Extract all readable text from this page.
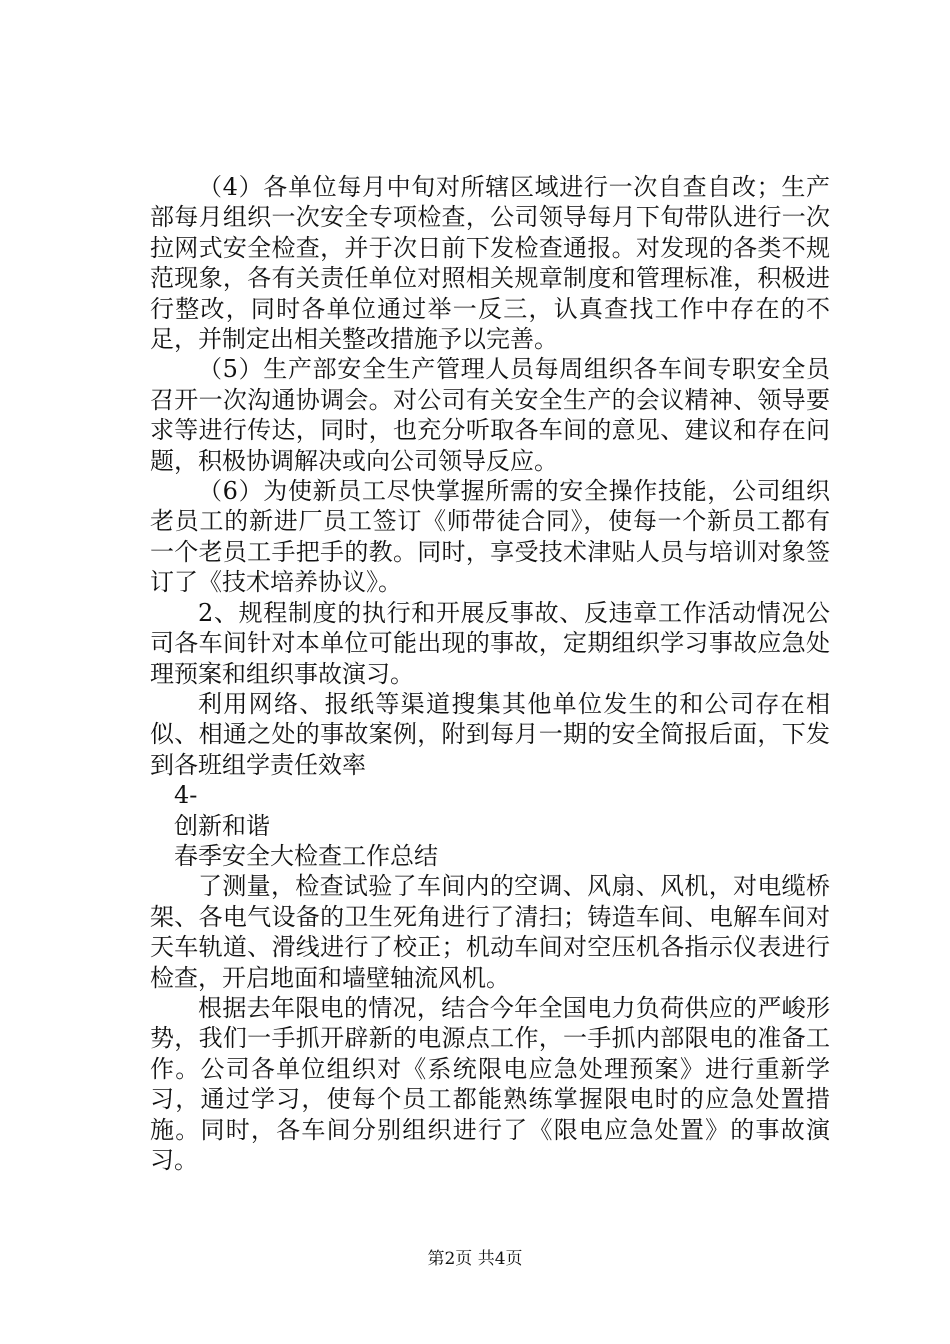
（4）各单位每月中旬对所辖区域进行一次自查自改；生产部每月组织一次安全专项检查，公司领导每月下旬带队进行一次拉网式安全检查，并于次日前下发检查通报。对发现的各类不规范现象，各有关责任单位对照相关规章制度和管理标准，积极进行整改，同时各单位通过举一反三，认真查找工作中存在的不足，并制定出相关整改措施予以完善。

（5）生产部安全生产管理人员每周组织各车间专职安全员召开一次沟通协调会。对公司有关安全生产的会议精神、领导要求等进行传达，同时，也充分听取各车间的意见、建议和存在问题，积极协调解决或向公司领导反应。

（6）为使新员工尽快掌握所需的安全操作技能，公司组织老员工的新进厂员工签订《师带徒合同》，使每一个新员工都有一个老员工手把手的教。同时，享受技术津贴人员与培训对象签订了《技术培养协议》。

2、规程制度的执行和开展反事故、反违章工作活动情况公司各车间针对本单位可能出现的事故，定期组织学习事故应急处理预案和组织事故演习。

利用网络、报纸等渠道搜集其他单位发生的和公司存在相似、相通之处的事故案例，附到每月一期的安全简报后面，下发到各班组学责任效率

4-

创新和谐

春季安全大检查工作总结

了测量，检查试验了车间内的空调、风扇、风机，对电缆桥架、各电气设备的卫生死角进行了清扫；铸造车间、电解车间对天车轨道、滑线进行了校正；机动车间对空压机各指示仪表进行检查，开启地面和墙壁轴流风机。

根据去年限电的情况，结合今年全国电力负荷供应的严峻形势，我们一手抓开辟新的电源点工作，一手抓内部限电的准备工作。公司各单位组织对《系统限电应急处理预案》进行重新学习，通过学习，使每个员工都能熟练掌握限电时的应急处置措施。同时，各车间分别组织进行了《限电应急处置》的事故演习。

第2页 共4页
